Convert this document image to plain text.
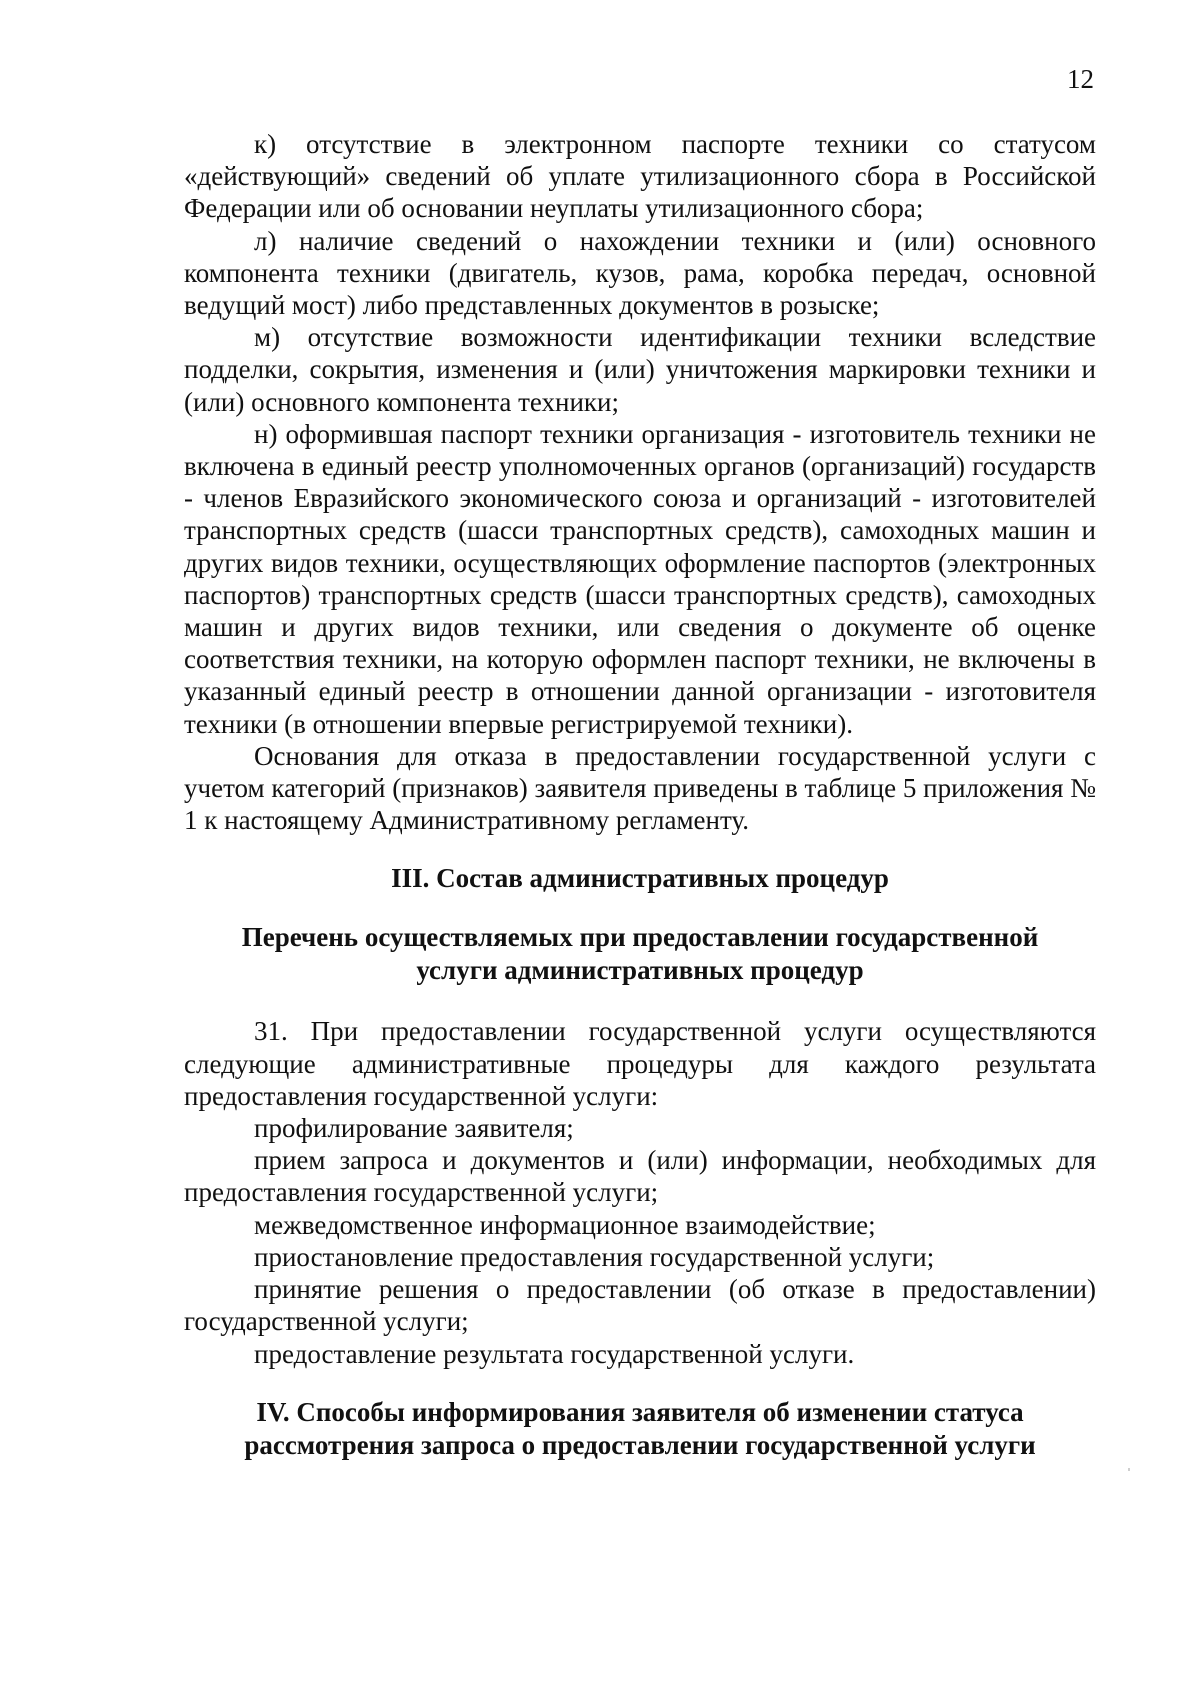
12

к) отсутствие в электронном паспорте техники со статусом «действующий» сведений об уплате утилизационного сбора в Российской Федерации или об основании неуплаты утилизационного сбора;

л) наличие сведений о нахождении техники и (или) основного компонента техники (двигатель, кузов, рама, коробка передач, основной ведущий мост) либо представленных документов в розыске;

м) отсутствие возможности идентификации техники вследствие подделки, сокрытия, изменения и (или) уничтожения маркировки техники и (или) основного компонента техники;

н) оформившая паспорт техники организация - изготовитель техники не включена в единый реестр уполномоченных органов (организаций) государств - членов Евразийского экономического союза и организаций - изготовителей транспортных средств (шасси транспортных средств), самоходных машин и других видов техники, осуществляющих оформление паспортов (электронных паспортов) транспортных средств (шасси транспортных средств), самоходных машин и других видов техники, или сведения о документе об оценке соответствия техники, на которую оформлен паспорт техники, не включены в указанный единый реестр в отношении данной организации - изготовителя техники (в отношении впервые регистрируемой техники).

Основания для отказа в предоставлении государственной услуги с учетом категорий (признаков) заявителя приведены в таблице 5 приложения № 1 к настоящему Административному регламенту.

III. Состав административных процедур

Перечень осуществляемых при предоставлении государственной

услуги административных процедур

31. При предоставлении государственной услуги осуществляются следующие административные процедуры для каждого результата предоставления государственной услуги:

профилирование заявителя;

прием запроса и документов и (или) информации, необходимых для предоставления государственной услуги;

межведомственное информационное взаимодействие;

приостановление предоставления государственной услуги;

принятие решения о предоставлении (об отказе в предоставлении) государственной услуги;

предоставление результата государственной услуги.

IV. Способы информирования заявителя об изменении статуса

рассмотрения запроса о предоставлении государственной услуги
